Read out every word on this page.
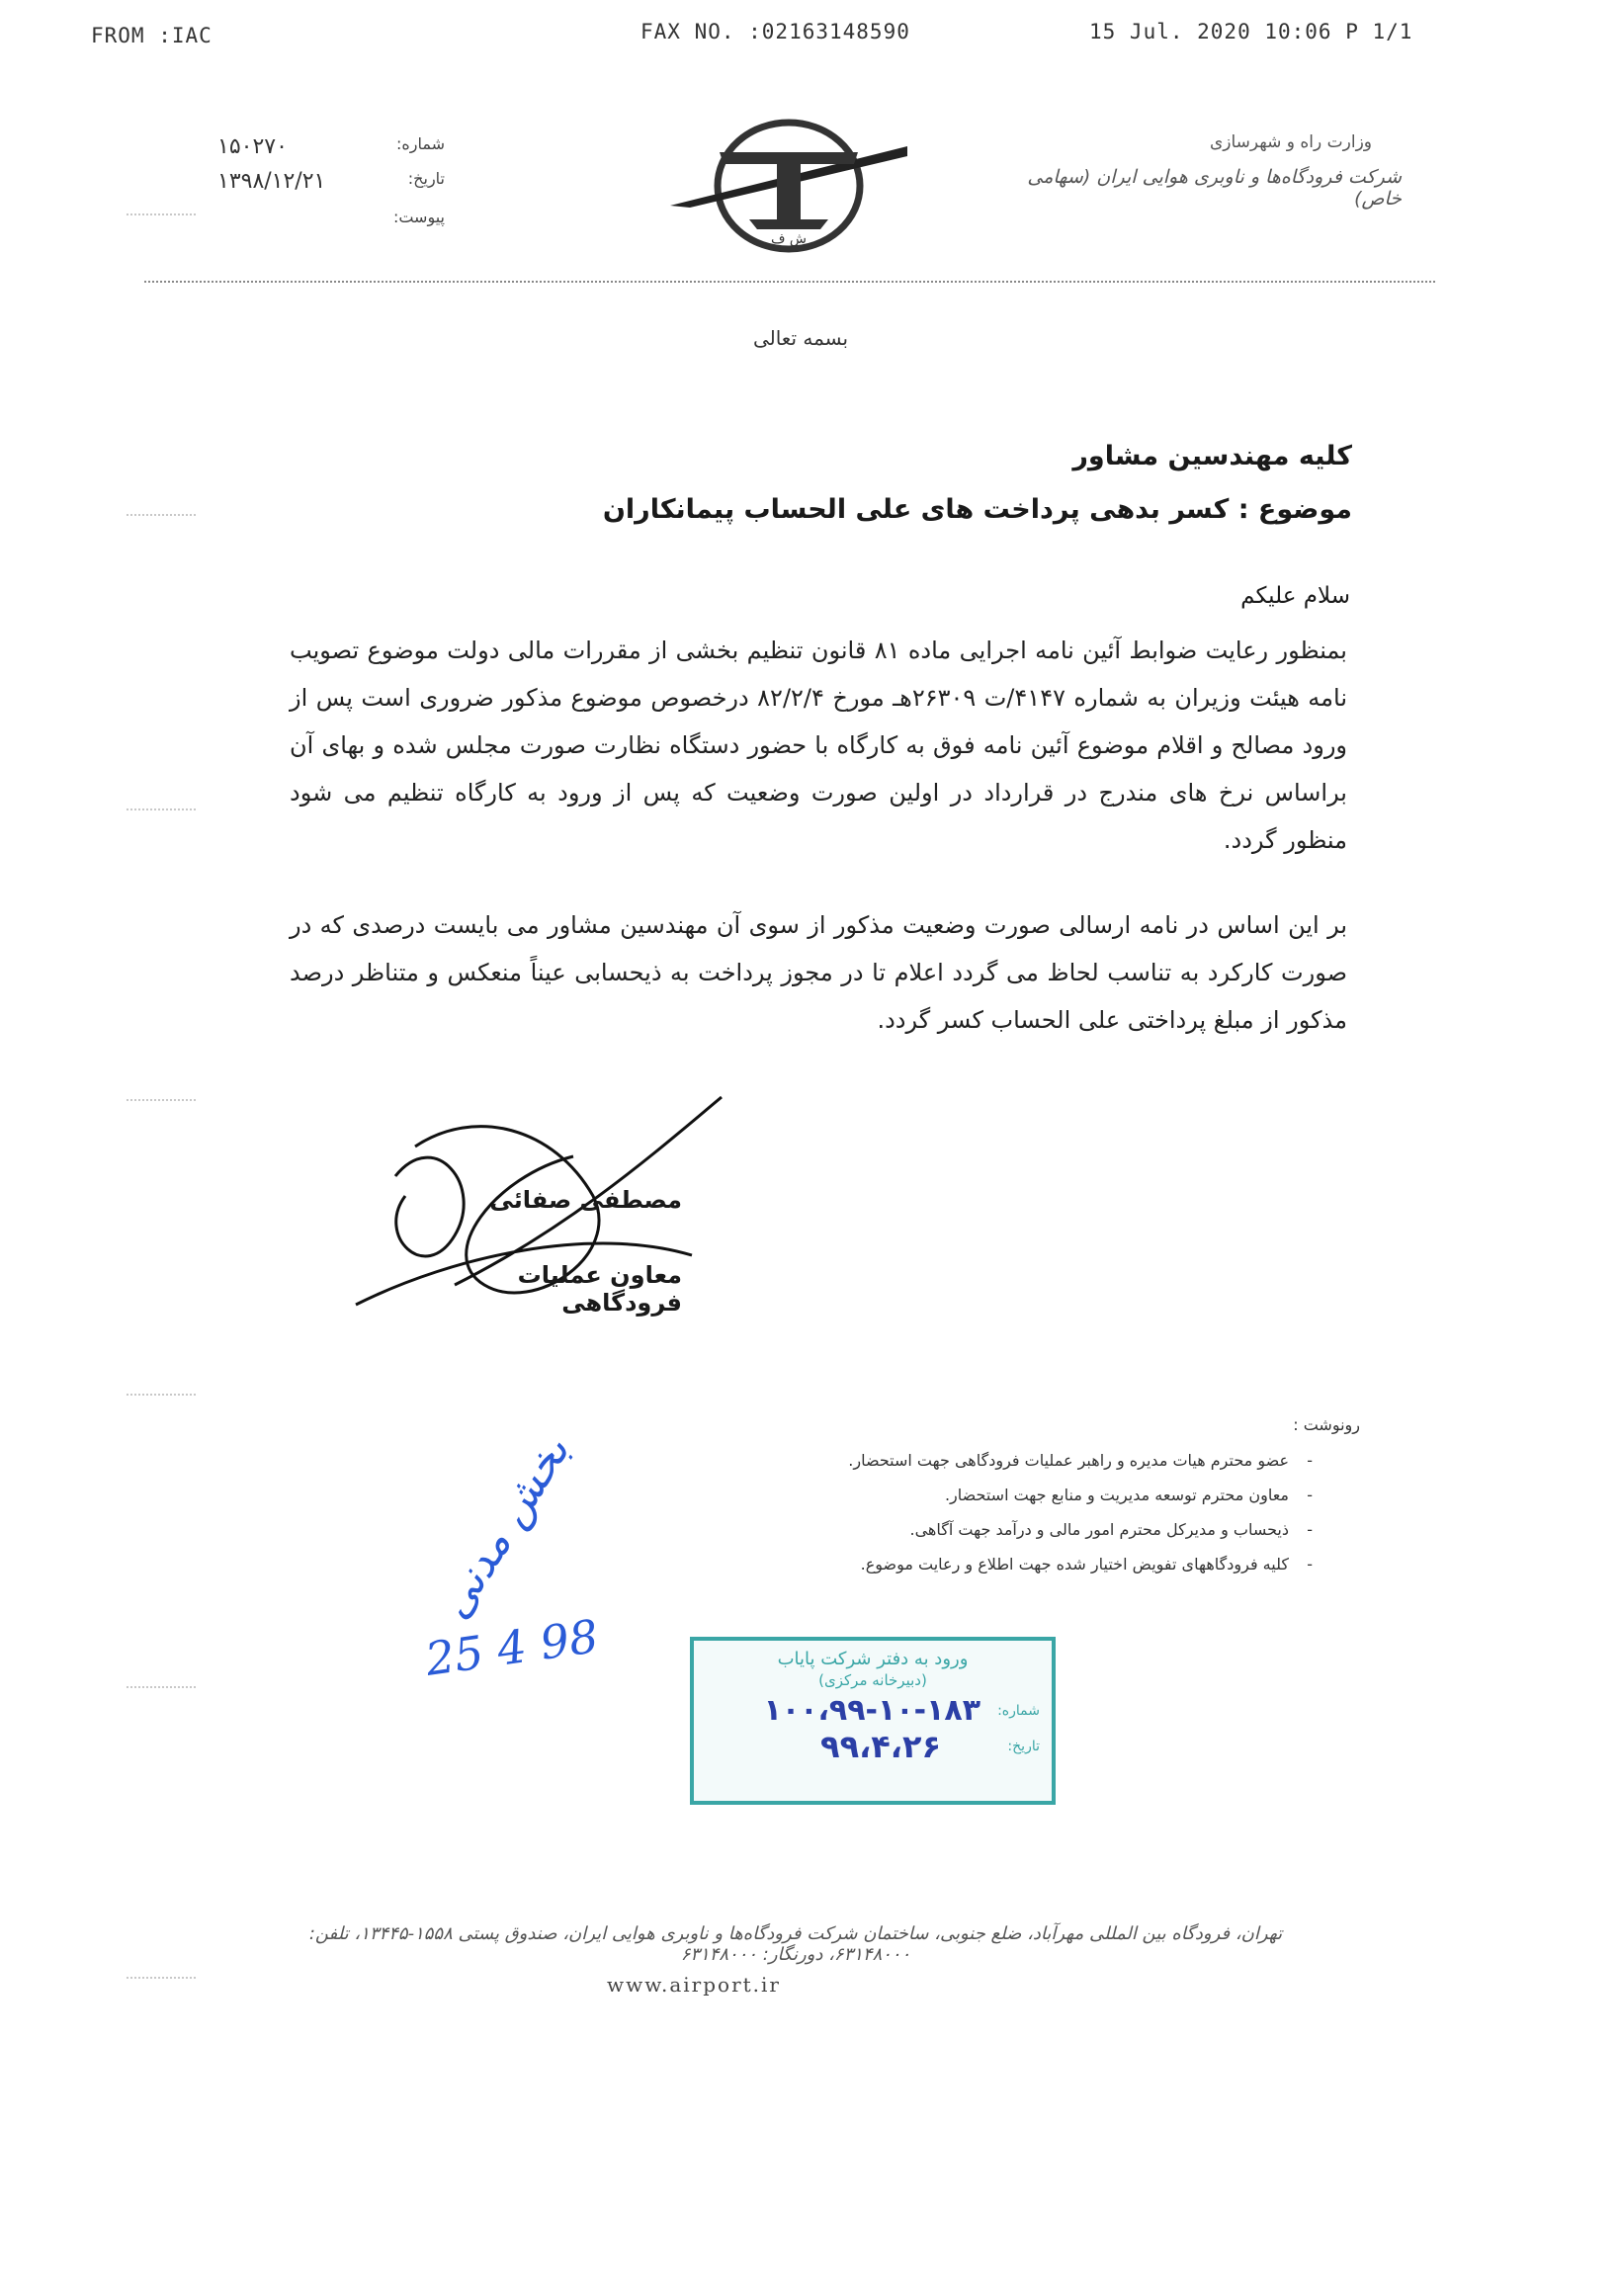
FROM :IAC	FAX NO. :02163148590	15 Jul. 2020 10:06 P 1/1
شماره:
۱۵۰۲۷۰
تاریخ:
۱۳۹۸/۱۲/۲۱
پیوست:
ش ف
وزارت راه و شهرسازی
شرکت فرودگاه‌ها و ناوبری هوایی ایران (سهامی خاص)
بسمه تعالی
کلیه مهندسین مشاور
موضوع : کسر بدهی پرداخت های علی الحساب پیمانکاران
سلام علیکم
بمنظور رعایت ضوابط آئین نامه اجرایی ماده ۸۱ قانون تنظیم بخشی از مقررات مالی دولت موضوع تصویب نامه هیئت وزیران به شماره ۴۱۴۷/ت ۲۶۳۰۹هـ مورخ ۸۲/۲/۴ درخصوص موضوع مذکور ضروری است پس از ورود مصالح و اقلام موضوع آئین نامه فوق به کارگاه با حضور دستگاه نظارت صورت مجلس شده و بهای آن براساس نرخ های مندرج در قرارداد در اولین صورت وضعیت که پس از ورود به کارگاه تنظیم می شود منظور گردد.
بر این اساس در نامه ارسالی صورت وضعیت مذکور از سوی آن مهندسین مشاور می بایست درصدی که در صورت کارکرد به تناسب لحاظ می گردد اعلام تا در مجوز پرداخت به ذیحسابی عیناً منعکس و متناظر درصد مذکور از مبلغ پرداختی علی الحساب کسر گردد.
مصطفی صفائی
معاون عملیات فرودگاهی
رونوشت :
- عضو محترم هیات مدیره و راهبر عملیات فرودگاهی جهت استحضار.
- معاون محترم توسعه مدیریت و منابع جهت استحضار.
- ذیحساب و مدیرکل محترم امور مالی و درآمد جهت آگاهی.
- کلیه فرودگاههای تفویض اختیار شده جهت اطلاع و رعایت موضوع.
بخش مدنی
25 4 98	ورود به دفتر شرکت پایاب
(دبیرخانه مرکزی)
شماره:
۱۰۰،۹۹-۱۰-۱۸۳
تاریخ:
۹۹،۴،۲۶
تهران، فرودگاه بین المللی مهرآباد، ضلع جنوبی، ساختمان شرکت فرودگاه‌ها و ناوبری هوایی ایران، صندوق پستی ۱۵۵۸-۱۳۴۴۵، تلفن: ۶۳۱۴۸۰۰۰، دورنگار: ۶۳۱۴۸۰۰۰
www.airport.ir
